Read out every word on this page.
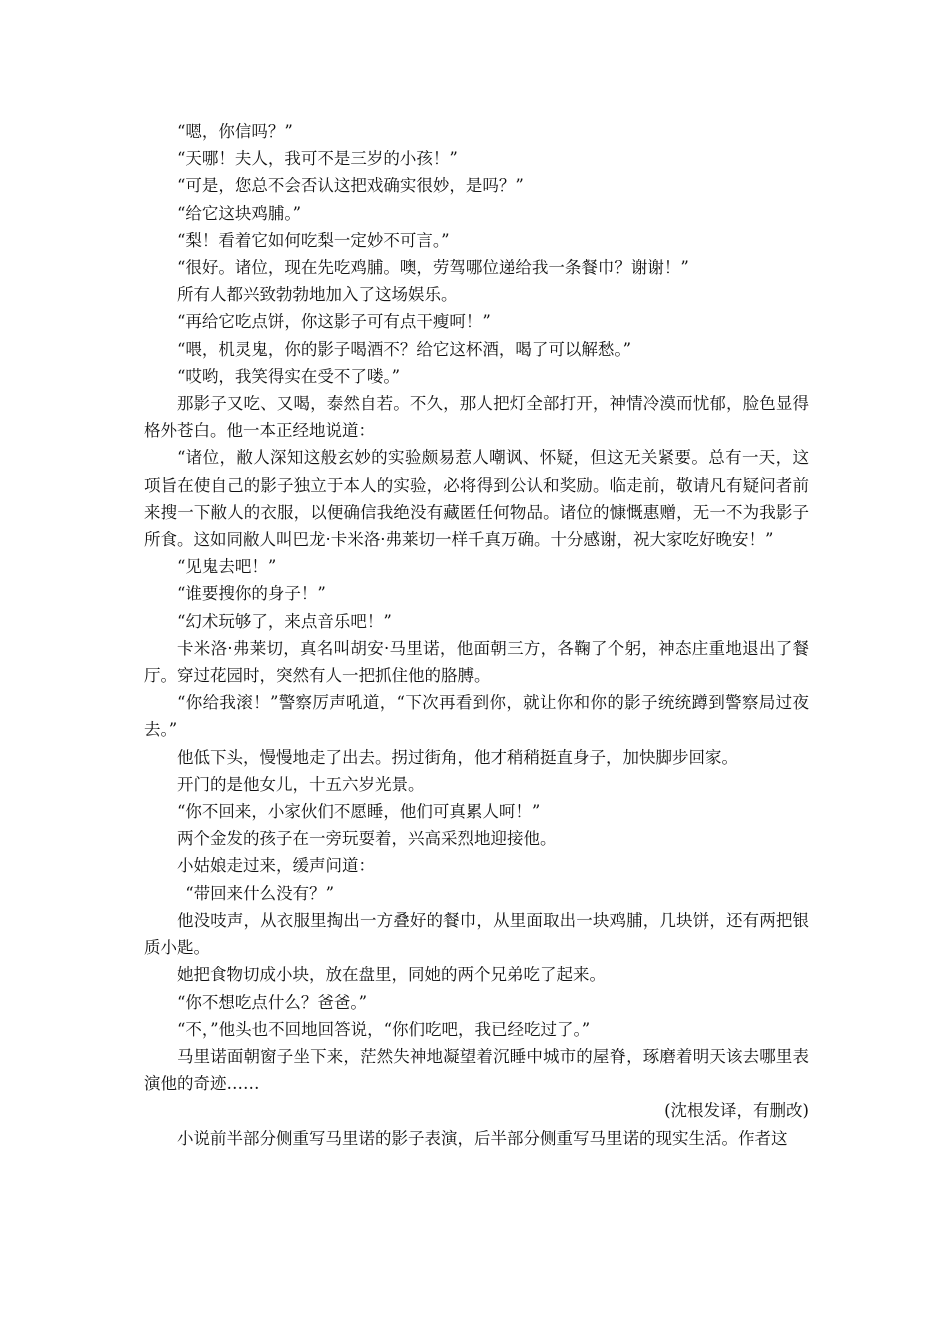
“嗯，你信吗？”

“天哪！夫人，我可不是三岁的小孩！”

“可是，您总不会否认这把戏确实很妙，是吗？”

“给它这块鸡脯。”

“梨！看着它如何吃梨一定妙不可言。”

“很好。诸位，现在先吃鸡脯。噢，劳驾哪位递给我一条餐巾？谢谢！”

所有人都兴致勃勃地加入了这场娱乐。

“再给它吃点饼，你这影子可有点干瘦呵！”

“喂，机灵鬼，你的影子喝酒不？给它这杯酒，喝了可以解愁。”

“哎哟，我笑得实在受不了喽。”

那影子又吃、又喝，泰然自若。不久，那人把灯全部打开，神情冷漠而忧郁，脸色显得格外苍白。他一本正经地说道：

“诸位，敝人深知这般玄妙的实验颇易惹人嘲讽、怀疑，但这无关紧要。总有一天，这项旨在使自己的影子独立于本人的实验，必将得到公认和奖励。临走前，敬请凡有疑问者前来搜一下敝人的衣服，以便确信我绝没有藏匿任何物品。诸位的慷慨惠赠，无一不为我影子所食。这如同敝人叫巴龙·卡米洛·弗莱切一样千真万确。十分感谢，祝大家吃好晚安！”

“见鬼去吧！”

“谁要搜你的身子！”

“幻术玩够了，来点音乐吧！”

卡米洛·弗莱切，真名叫胡安·马里诺，他面朝三方，各鞠了个躬，神态庄重地退出了餐厅。穿过花园时，突然有人一把抓住他的胳膊。

“你给我滚！”警察厉声吼道，“下次再看到你，就让你和你的影子统统蹲到警察局过夜去。”

他低下头，慢慢地走了出去。拐过街角，他才稍稍挺直身子，加快脚步回家。

开门的是他女儿，十五六岁光景。

“你不回来，小家伙们不愿睡，他们可真累人呵！”

两个金发的孩子在一旁玩耍着，兴高采烈地迎接他。

小姑娘走过来，缓声问道：

“带回来什么没有？”

他没吱声，从衣服里掏出一方叠好的餐巾，从里面取出一块鸡脯，几块饼，还有两把银质小匙。

她把食物切成小块，放在盘里，同她的两个兄弟吃了起来。

“你不想吃点什么？爸爸。”

“不，”他头也不回地回答说，“你们吃吧，我已经吃过了。”

马里诺面朝窗子坐下来，茫然失神地凝望着沉睡中城市的屋脊，琢磨着明天该去哪里表演他的奇迹……

(沈根发译，有删改)

小说前半部分侧重写马里诺的影子表演，后半部分侧重写马里诺的现实生活。作者这
